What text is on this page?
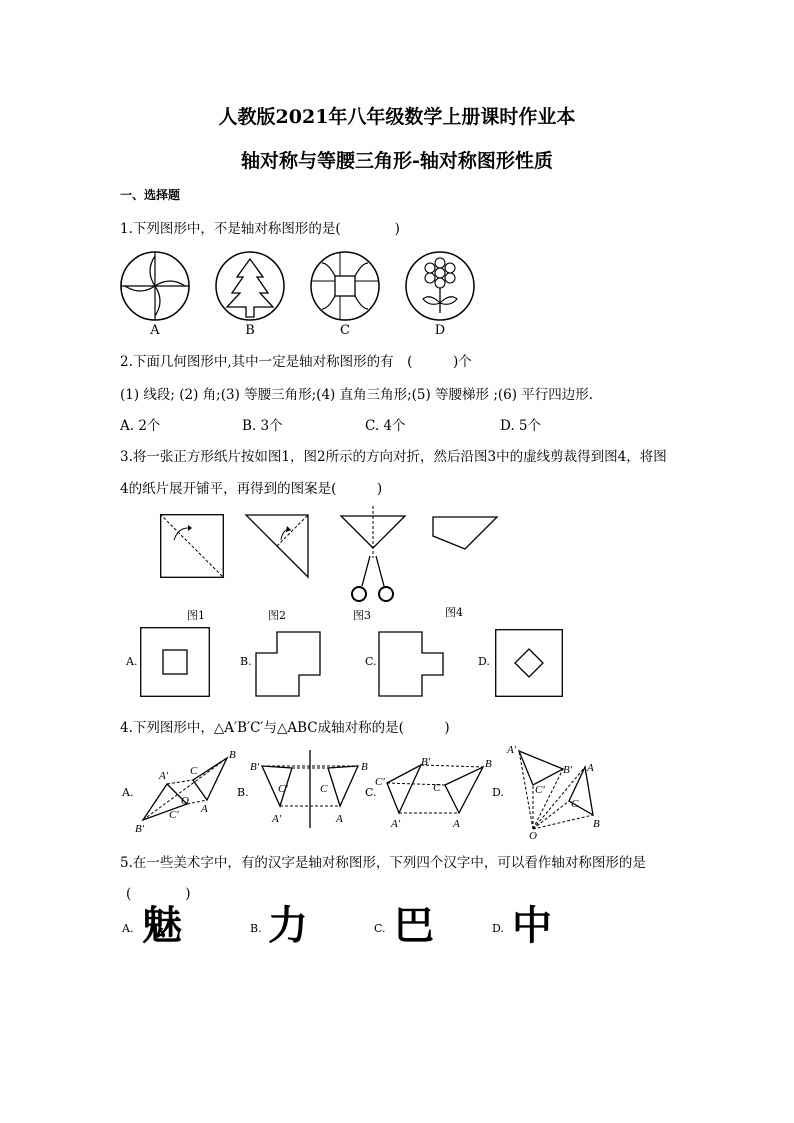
人教版2021年八年级数学上册课时作业本
轴对称与等腰三角形-轴对称图形性质
一、选择题
1.下列图形中，不是轴对称图形的是(　　　　)
A	B	C	D
2.下面几何图形中,其中一定是轴对称图形的有　(　　　)个
(1) 线段; (2) 角;(3) 等腰三角形;(4) 直角三角形;(5) 等腰梯形 ;(6) 平行四边形.
A. 2个	B. 3个	C. 4个	D. 5个
3.将一张正方形纸片按如图1，图2所示的方向对折，然后沿图3中的虚线剪裁得到图4，将图
4的纸片展开铺平，再得到的图案是(　　　)
图1	图2	图3	图4
A.	B.	C.	D.
4.下列图形中，△A′B′C′与△ABC成轴对称的是(　　　)
A.
A′ C
B
O
A
C′
B′
B.
B′
C′	C
B
A′	A
C.
C′
B′
C
B
A′	A
D.
A′
B′ A
C′
C
B
O
5.在一些美术字中，有的汉字是轴对称图形，下列四个汉字中，可以看作轴对称图形的是
(　　　　)
A. 魅	B. 力	C. 巴	D. 中
